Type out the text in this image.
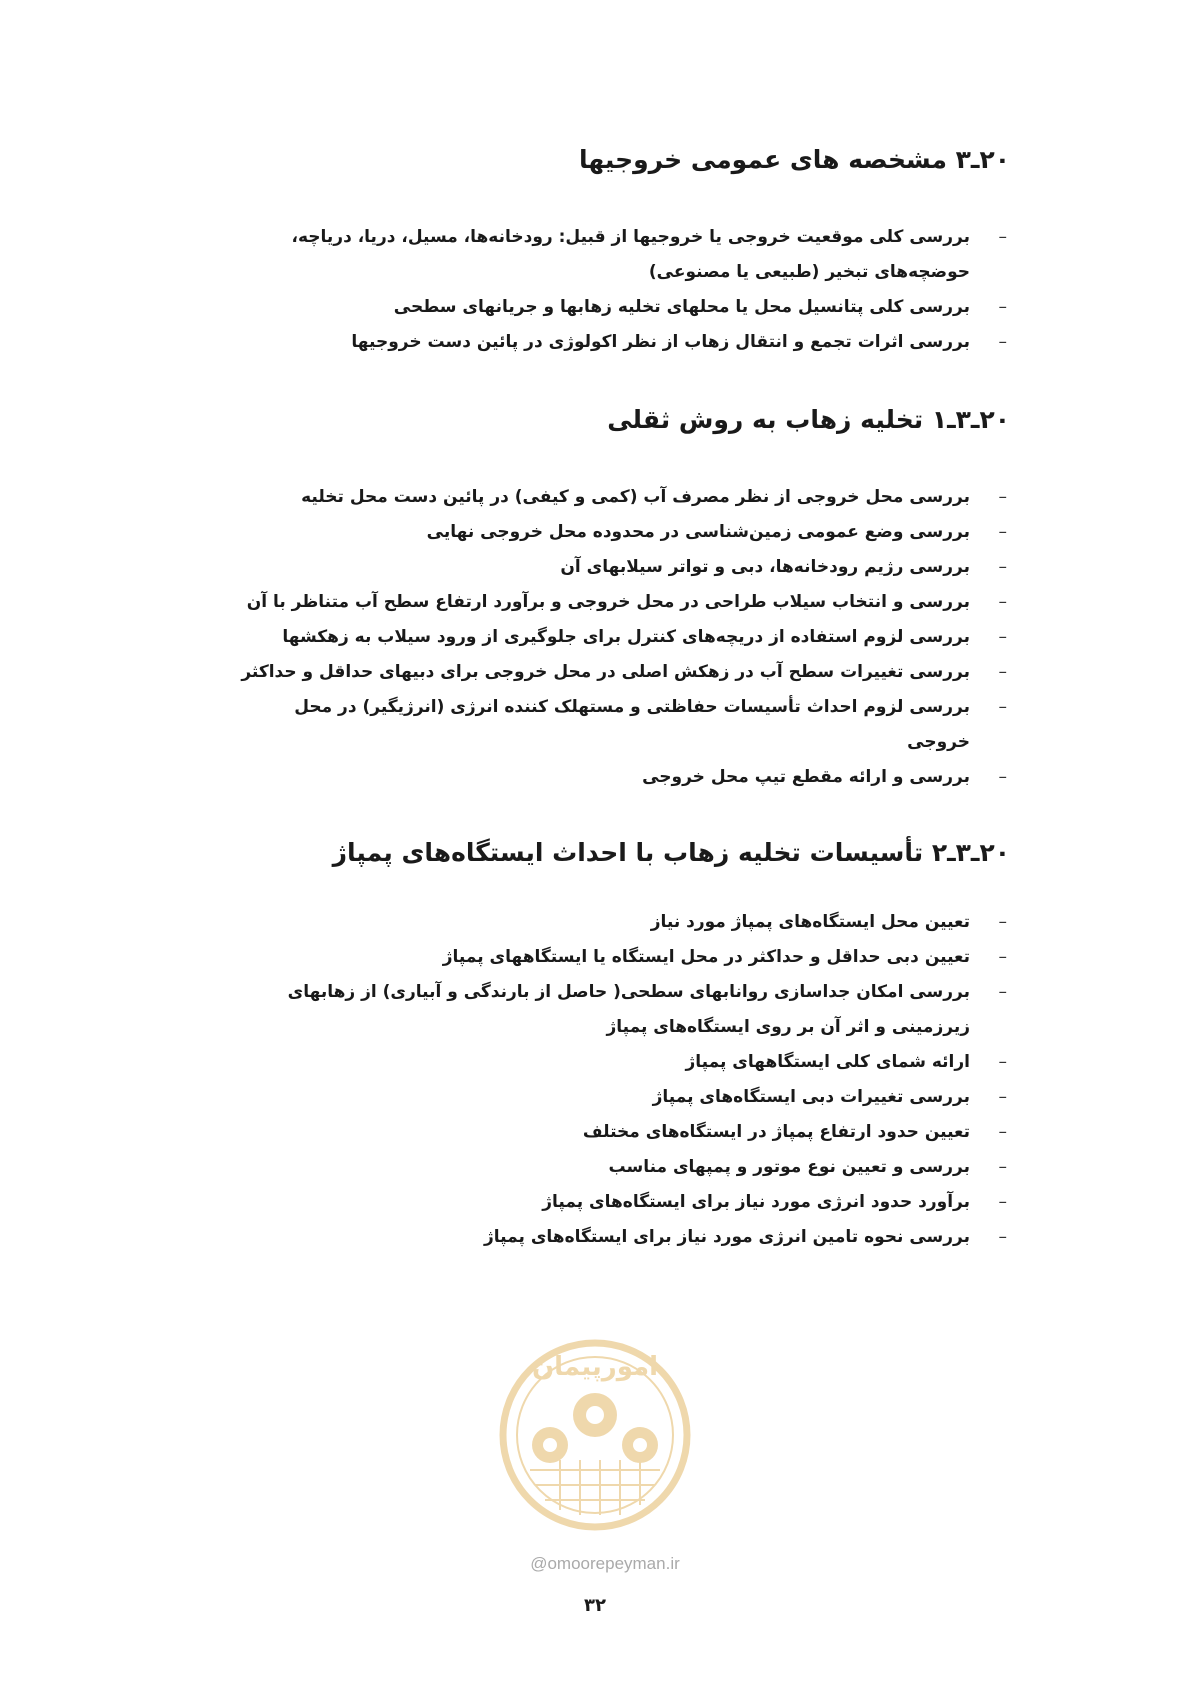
۲۰ـ۳ مشخصه های عمومی خروجیها
–
بررسی کلی موقعیت خروجی یا خروجیها از قبیل: رودخانه‌ها، مسیل، دریا، دریاچه، حوضچه‌های تبخیر (طبیعی یا مصنوعی)
–
بررسی کلی پتانسیل محل یا محلهای تخلیه زهابها و جریانهای سطحی
–
بررسی اثرات تجمع و انتقال زهاب از نظر اکولوژی در پائین دست خروجیها
۲۰ـ۳ـ۱ تخلیه زهاب به روش ثقلی
–
بررسی محل خروجی از نظر مصرف آب (کمی و کیفی) در پائین دست محل تخلیه
–
بررسی وضع عمومی زمین‌شناسی در محدوده محل خروجی نهایی
–
بررسی رژیم رودخانه‌ها، دبی و تواتر سیلابهای آن
–
بررسی و انتخاب سیلاب طراحی در محل خروجی و برآورد ارتفاع سطح آب متناظر با آن
–
بررسی لزوم استفاده از دریچه‌های کنترل برای جلوگیری از ورود سیلاب به زهکشها
–
بررسی تغییرات سطح آب در زهکش اصلی در محل خروجی برای دبیهای حداقل و حداکثر
–
بررسی لزوم احداث تأسیسات حفاظتی و مستهلک کننده انرژی (انرژیگیر) در محل خروجی
–
بررسی و ارائه مقطع تیپ محل خروجی
۲۰ـ۳ـ۲ تأسیسات تخلیه زهاب با احداث ایستگاه‌های پمپاژ
–
تعیین محل ایستگاه‌های پمپاژ مورد نیاز
–
تعیین دبی حداقل و حداکثر در محل ایستگاه یا ایستگاههای پمپاژ
–
بررسی امکان جداسازی روانابهای سطحی( حاصل از بارندگی و آبیاری) از زهابهای زیرزمینی و اثر آن بر روی ایستگاه‌های پمپاژ
–
ارائه شمای کلی ایستگاههای پمپاژ
–
بررسی تغییرات دبی ایستگاه‌های پمپاژ
–
تعیین حدود ارتفاع پمپاژ در ایستگاه‌های مختلف
–
بررسی و تعیین نوع موتور و پمپهای مناسب
–
برآورد حدود انرژی مورد نیاز برای ایستگاه‌های پمپاژ
–
بررسی نحوه تامین انرژی مورد نیاز برای ایستگاه‌های پمپاژ
امورپیمان
@omoorepeyman.ir
۳۲
